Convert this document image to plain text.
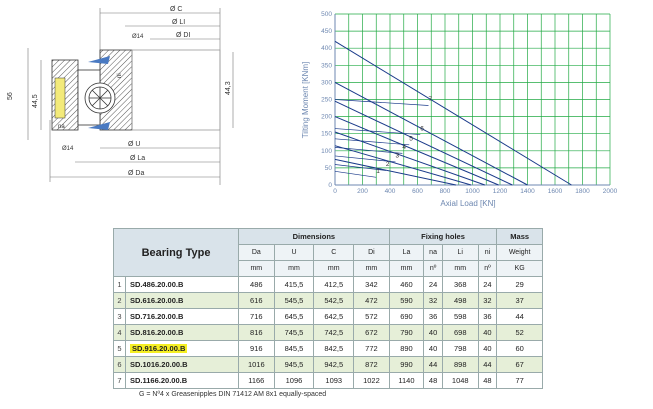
Ø C
Ø LI
Ø DI
Ø14
Ø14
Ø U
Ø La
Ø Da
56	44,5
44,3
ni
na
0	200	400	600	800 1000 1200 1400 1600 1800 2000
0
50
100
150
200
250
300
350
400
450
500
1
2
3
4
5
6
7
Tilting Moment [KNm]
Axial Load [KN]
Bearing Type		Dimensions				Fixing holes				Mass
		Da	U	C	Di	La	na	Li	ni	Weight
		mm	mm	mm	mm	mm	nº	mm	nº	KG
1	SD.486.20.00.B	486	415,5	412,5	342	460	24	368	24	29
2	SD.616.20.00.B	616	545,5	542,5	472	590	32	498	32	37
3	SD.716.20.00.B	716	645,5	642,5	572	690	36	598	36	44
4	SD.816.20.00.B	816	745,5	742,5	672	790	40	698	40	52
5	SD.916.20.00.B	916	845,5	842,5	772	890	40	798	40	60
6	SD.1016.20.00.B	1016	945,5	942,5	872	990	44	898	44	67
7	SD.1166.20.00.B	1166	1096	1093	1022	1140	48	1048	48	77
G = Nº4 x Greasenipples DIN 71412 AM 8x1 equally-spaced
